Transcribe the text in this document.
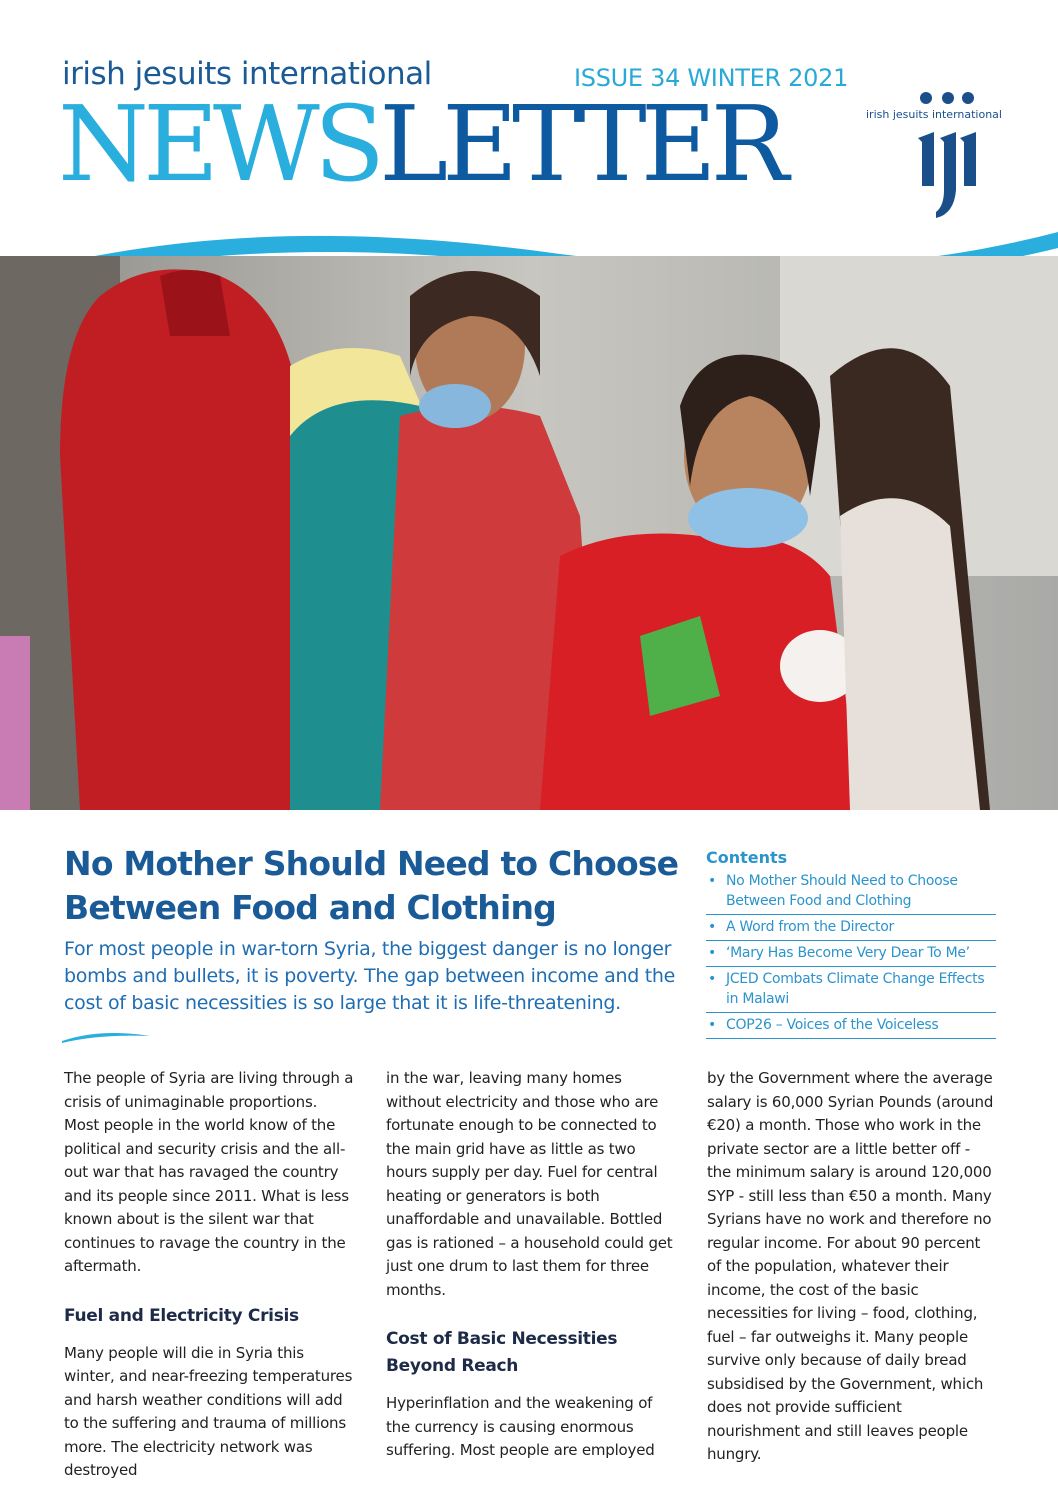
irish jesuits international	ISSUE 34 WINTER 2021
NEWSLETTER	irish jesuits international
No Mother Should Need to Choose
Between Food and Clothing
For most people in war-torn Syria, the biggest danger is no longer bombs and bullets, it is poverty. The gap between income and the cost of basic necessities is so large that it is life-threatening.
Contents
• No Mother Should Need to Choose Between Food and Clothing
• A Word from the Director
• ‘Mary Has Become Very Dear To Me’
• JCED Combats Climate Change Effects in Malawi
• COP26 – Voices of the Voiceless

The people of Syria are living through a crisis of unimaginable proportions. Most people in the world know of the political and security crisis and the all-out war that has ravaged the country and its people since 2011. What is less known about is the silent war that continues to ravage the country in the aftermath.

Fuel and Electricity Crisis

Many people will die in Syria this winter, and near-freezing temperatures and harsh weather conditions will add to the suffering and trauma of millions more. The electricity network was destroyed

in the war, leaving many homes without electricity and those who are fortunate enough to be connected to the main grid have as little as two hours supply per day. Fuel for central heating or generators is both unaffordable and unavailable. Bottled gas is rationed – a household could get just one drum to last them for three months.

Cost of Basic Necessities Beyond Reach

Hyperinflation and the weakening of the currency is causing enormous suffering. Most people are employed

by the Government where the average salary is 60,000 Syrian Pounds (around €20) a month. Those who work in the private sector are a little better off - the minimum salary is around 120,000 SYP - still less than €50 a month. Many Syrians have no work and therefore no regular income. For about 90 percent of the population, whatever their income, the cost of the basic necessities for living – food, clothing, fuel – far outweighs it. Many people survive only because of daily bread subsidised by the Government, which does not provide sufficient nourishment and still leaves people hungry.
